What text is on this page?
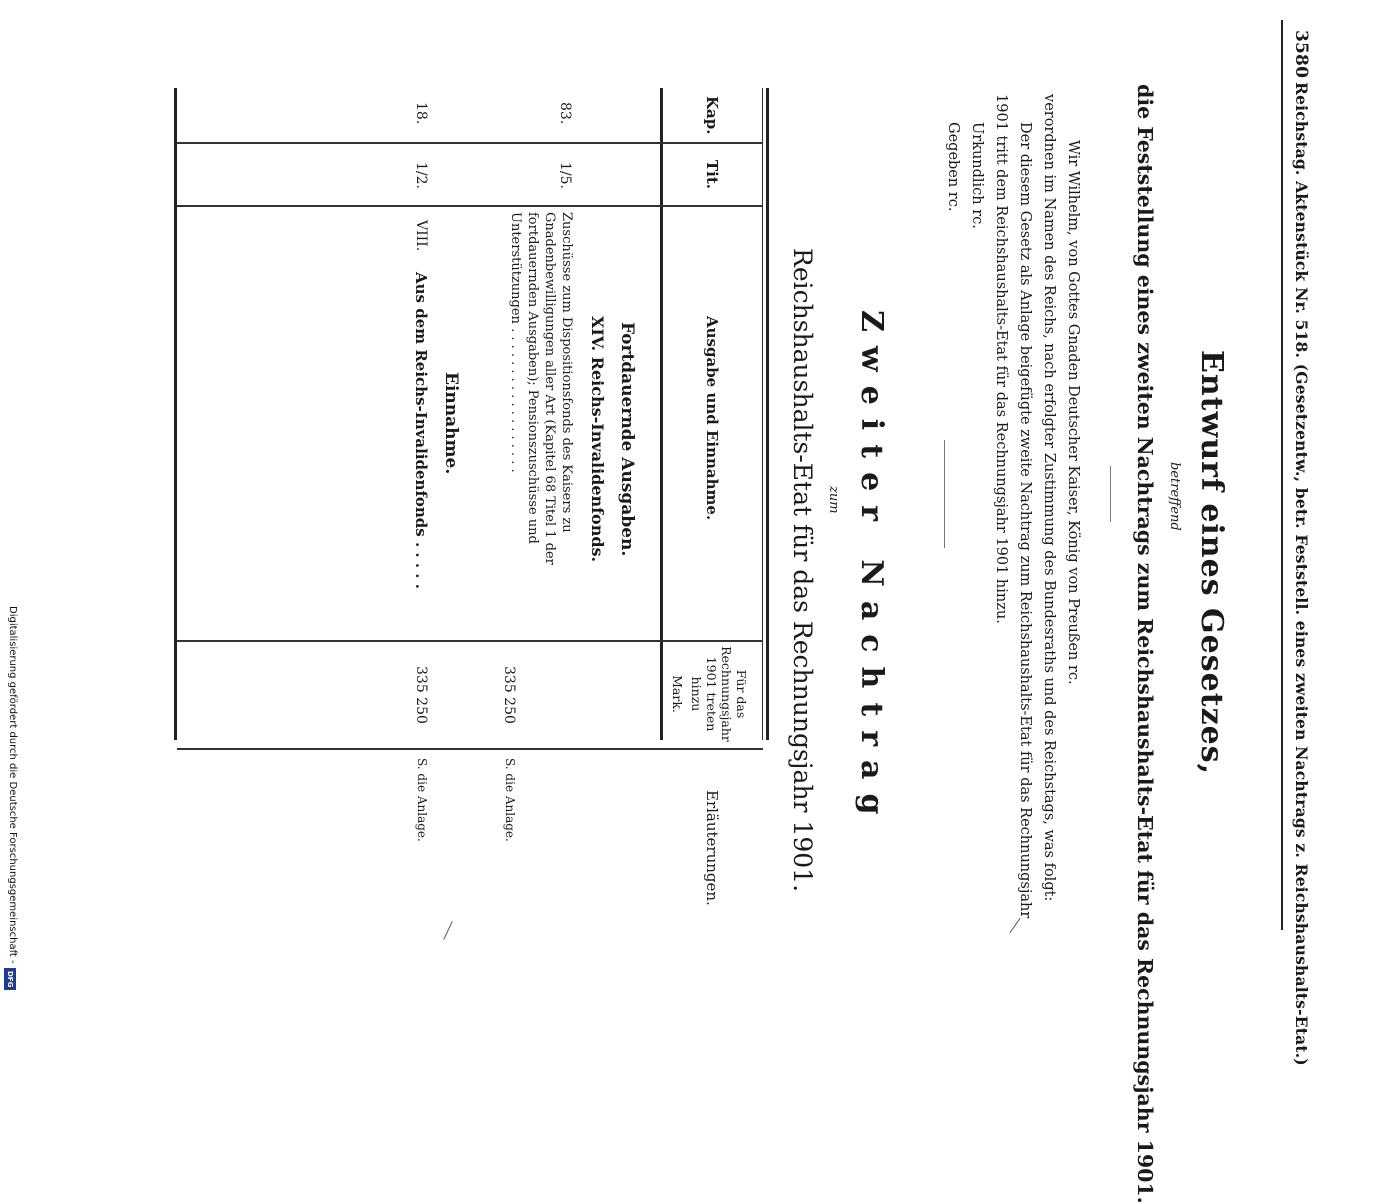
3580
Reichstag. Aktenstück Nr. 518. (Gesetzentw., betr. Feststell. eines zweiten Nachtrags z. Reichshaushalts-Etat.)
Entwurf eines Gesetzes,
betreffend
die Feststellung eines zweiten Nachtrags zum Reichshaushalts-Etat für das Rechnungsjahr 1901.
Wir Wilhelm, von Gottes Gnaden Deutscher Kaiser, König von Preußen rc.
verordnen im Namen des Reichs, nach erfolgter Zustimmung des Bundesraths und des Reichstags, was folgt:
Der diesem Gesetz als Anlage beigefügte zweite Nachtrag zum Reichshaushalts-Etat für das Rechnungsjahr
1901 tritt dem Reichshaushalts-Etat für das Rechnungsjahr 1901 hinzu.
Urkundlich rc.
Gegeben rc.
Zweiter Nachtrag
zum
Reichshaushalts-Etat für das Rechnungsjahr 1901.
Kap.
Tit.
Ausgabe und Einnahme.
Für das Rechnungsjahr 1901 treten hinzu
Mark.
Erläuterungen.
Fortdauernde Ausgaben.
XIV. Reichs-Invalidenfonds.
83.
1/5.
Zuschüsse zum Dispositionsfonds des Kaisers zu Gnadenbewilligungen aller Art (Kapitel 68 Titel 1 der fortdauernden Ausgaben); Pensionszuschüsse und Unterstützungen . . . . . . . . . . . . . . . . . .
335 250
S. die Anlage.
Einnahme.
18.
1/2.
VIII.
Aus dem Reichs-Invalidenfonds . . . . .
335 250
S. die Anlage.
Digitalisierung gefördert durch die Deutsche Forschungsgemeinschaft -
DFG
